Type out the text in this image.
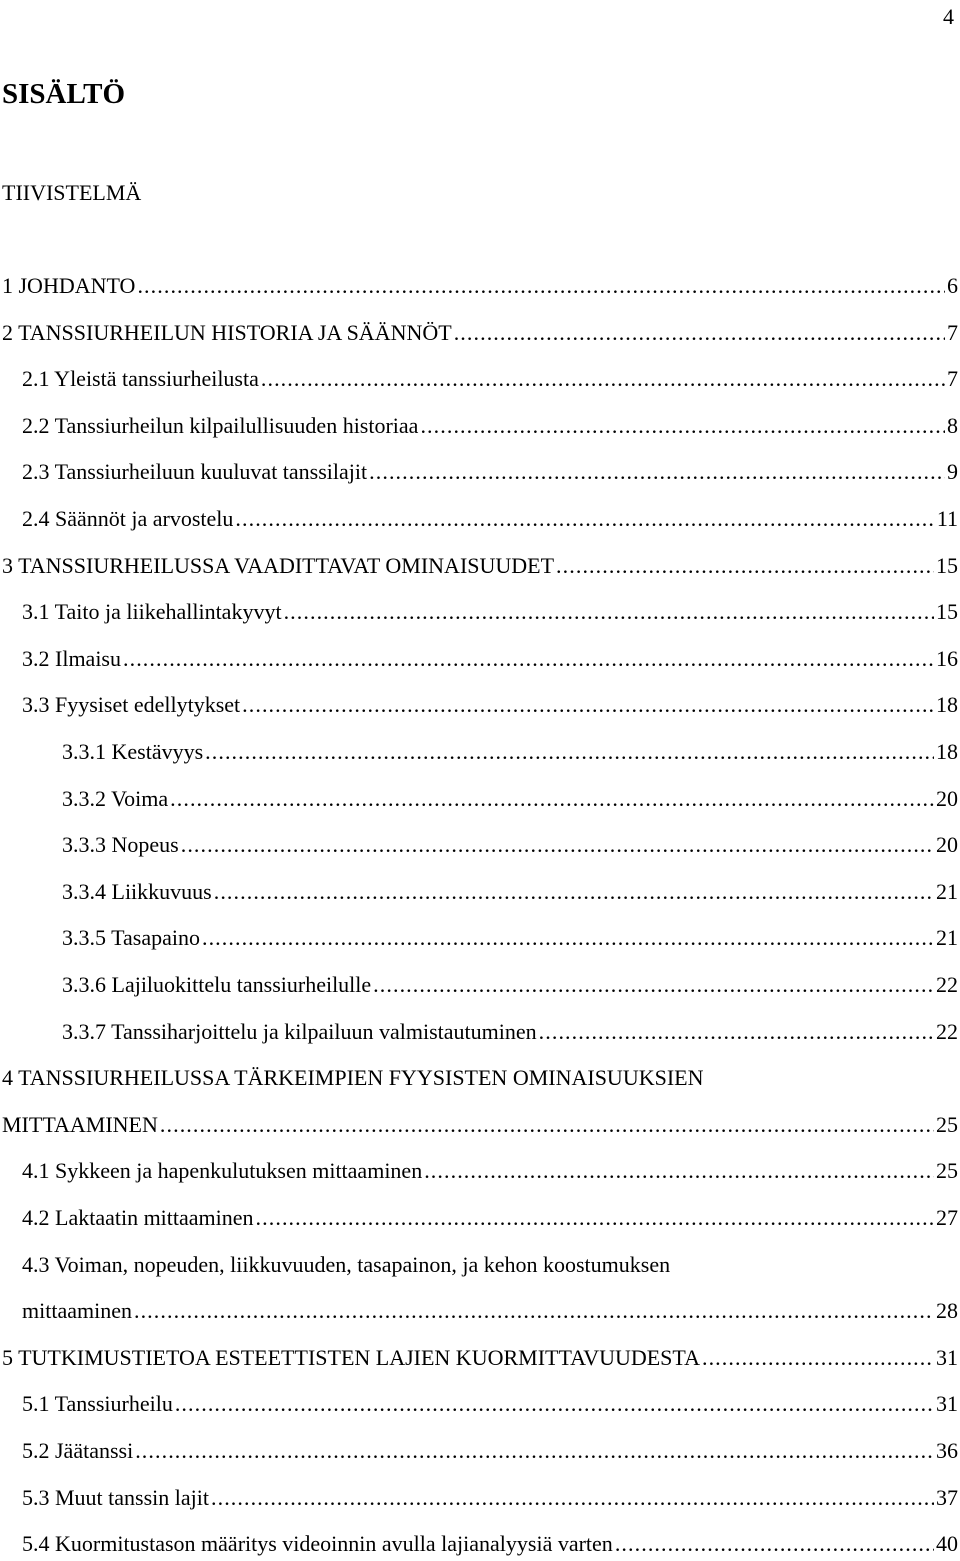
4
SISÄLTÖ
TIIVISTELMÄ
1 JOHDANTO . . .	6
2 TANSSIURHEILUN HISTORIA JA SÄÄNNÖT . . .	7
2.1 Yleistä tanssiurheilusta . . .	7
2.2 Tanssiurheilun kilpailullisuuden historiaa . . .	8
2.3 Tanssiurheiluun kuuluvat tanssilajit . . .	9
2.4 Säännöt ja arvostelu . . .	11
3 TANSSIURHEILUSSA VAADITTAVAT OMINAISUUDET . . .	15
3.1 Taito ja liikehallintakyvyt . . .	15
3.2 Ilmaisu . . .	16
3.3 Fyysiset edellytykset . . .	18
3.3.1 Kestävyys . . .	18
3.3.2 Voima . . .	20
3.3.3 Nopeus . . .	20
3.3.4 Liikkuvuus . . .	21
3.3.5 Tasapaino . . .	21
3.3.6 Lajiluokittelu tanssiurheilulle . . .	22
3.3.7 Tanssiharjoittelu ja kilpailuun valmistautuminen . . .	22
4 TANSSIURHEILUSSA TÄRKEIMPIEN FYYSISTEN OMINAISUUKSIEN
MITTAAMINEN . . .	25
4.1 Sykkeen ja hapenkulutuksen mittaaminen . . .	25
4.2 Laktaatin mittaaminen . . .	27
4.3 Voiman, nopeuden, liikkuvuuden, tasapainon, ja kehon koostumuksen
mittaaminen . . .	28
5 TUTKIMUSTIETOA ESTEETTISTEN LAJIEN KUORMITTAVUUDESTA . . .	31
5.1 Tanssiurheilu . . .	31
5.2 Jäätanssi . . .	36
5.3 Muut tanssin lajit . . .	37
5.4 Kuormitustason määritys videoinnin avulla lajianalyysiä varten . . .	40
